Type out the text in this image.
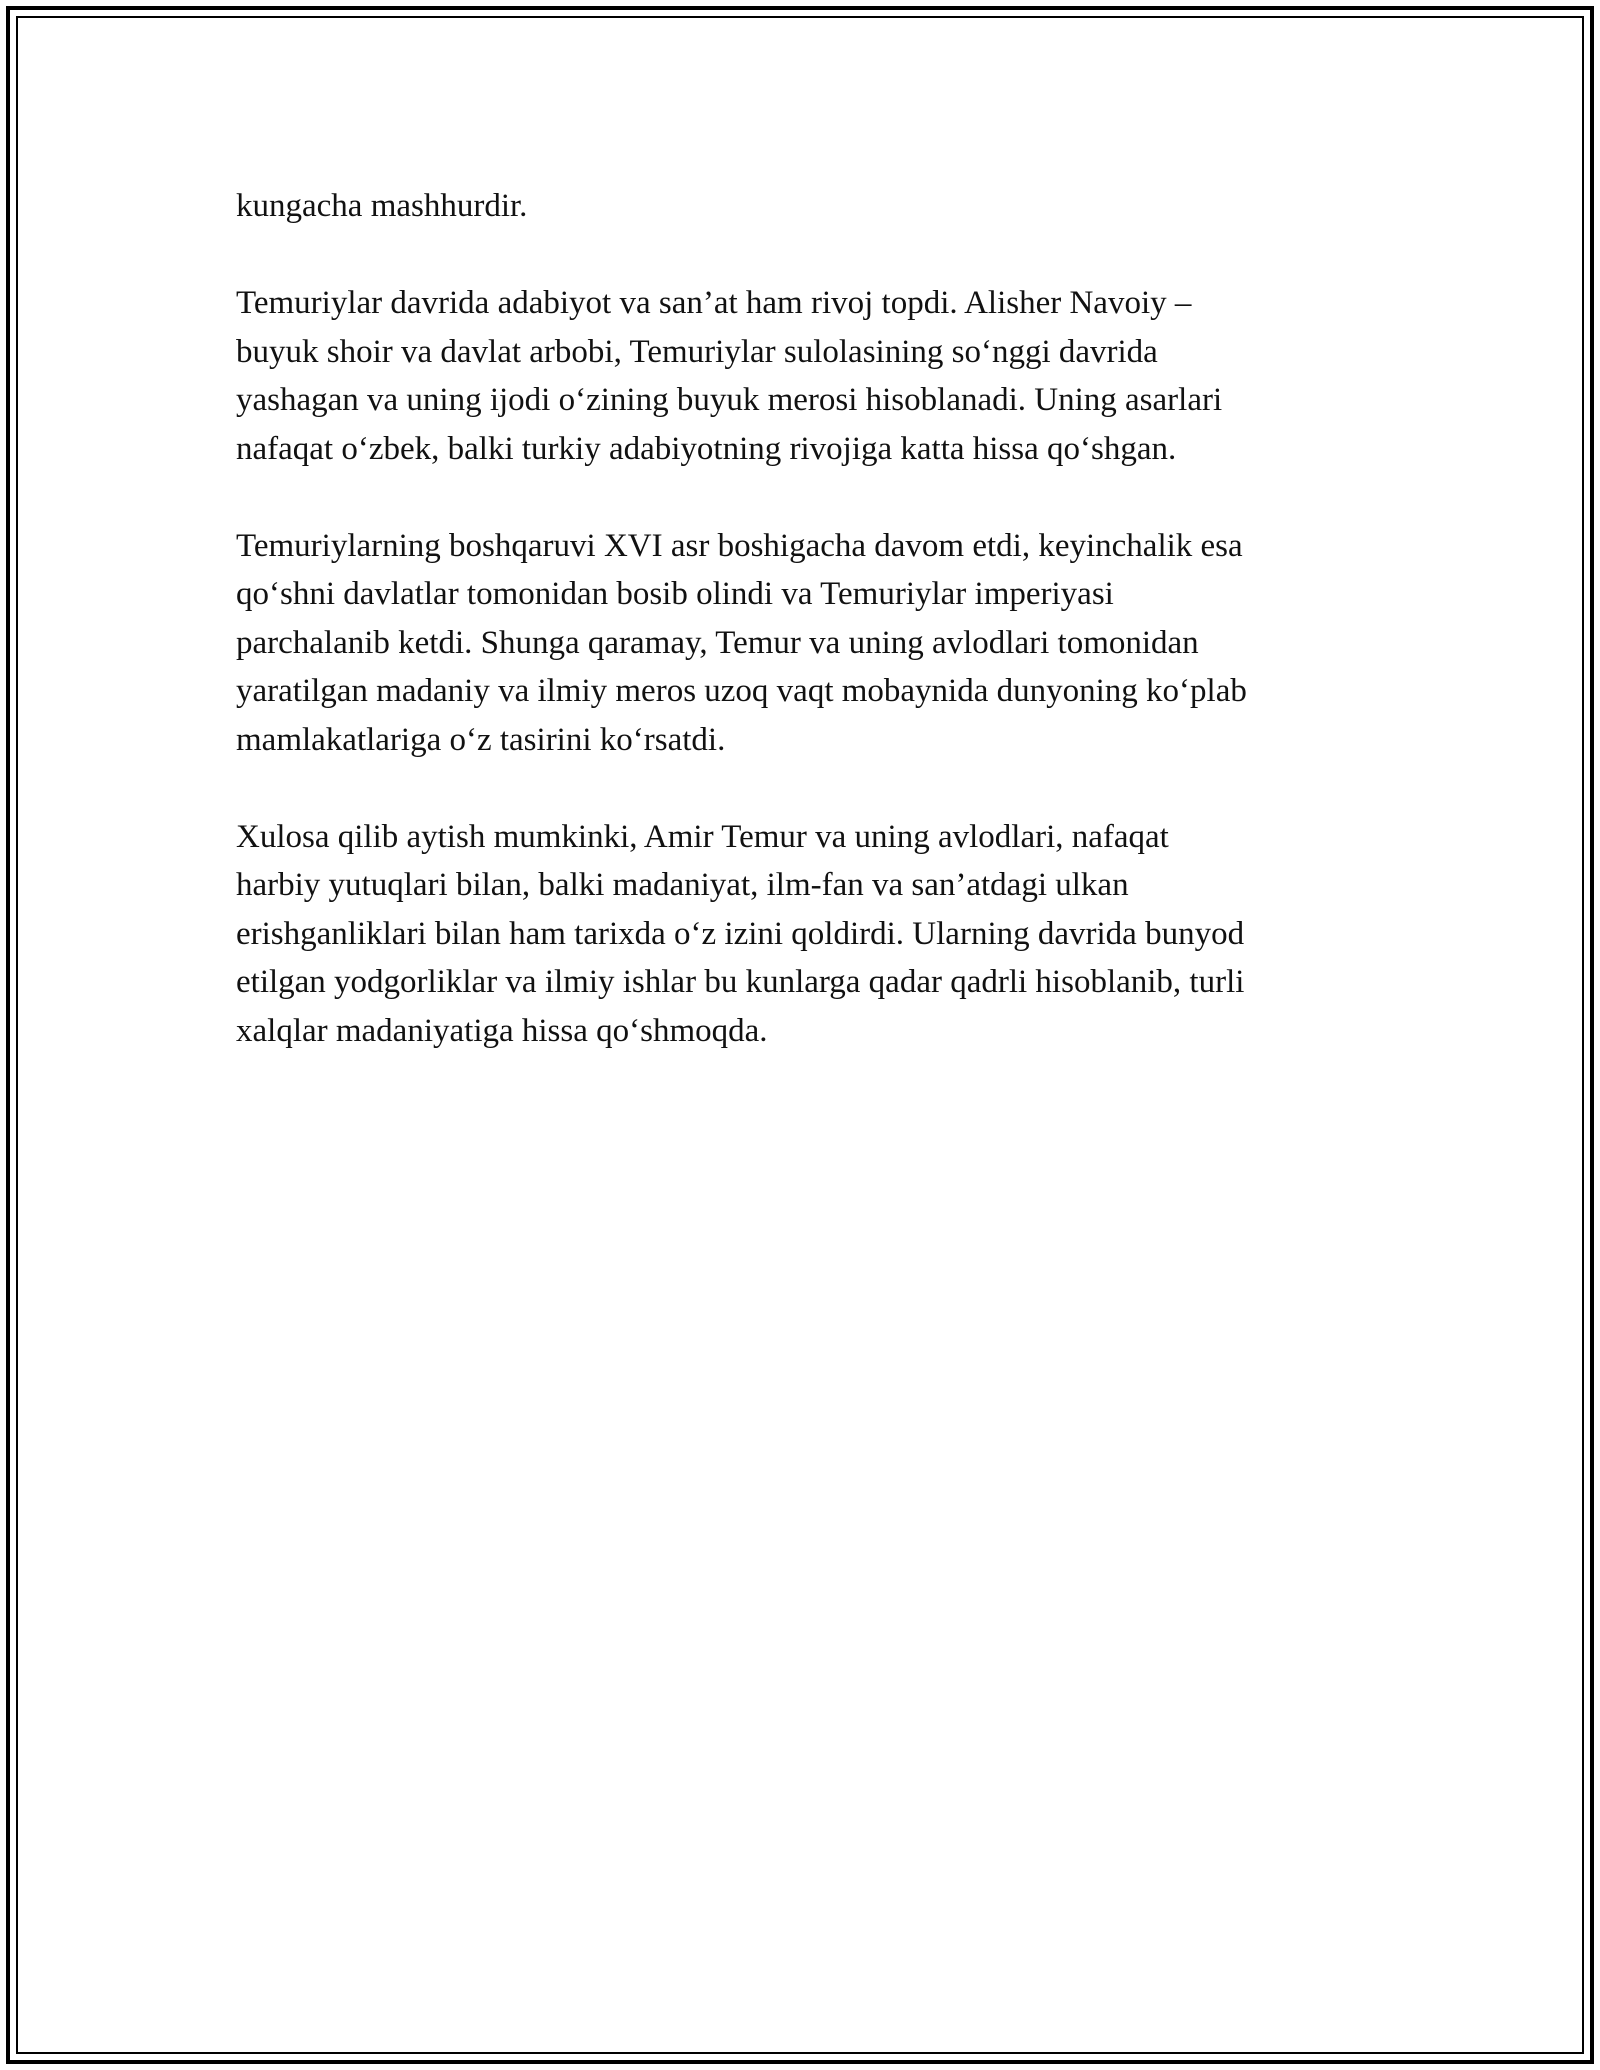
kungacha mashhurdir.

Temuriylar davrida adabiyot va san’at ham rivoj topdi. Alisher Navoiy –
buyuk shoir va davlat arbobi, Temuriylar sulolasining so‘nggi davrida
yashagan va uning ijodi o‘zining buyuk merosi hisoblanadi. Uning asarlari
nafaqat o‘zbek, balki turkiy adabiyotning rivojiga katta hissa qo‘shgan.

Temuriylarning boshqaruvi XVI asr boshigacha davom etdi, keyinchalik esa
qo‘shni davlatlar tomonidan bosib olindi va Temuriylar imperiyasi
parchalanib ketdi. Shunga qaramay, Temur va uning avlodlari tomonidan
yaratilgan madaniy va ilmiy meros uzoq vaqt mobaynida dunyoning ko‘plab
mamlakatlariga o‘z tasirini ko‘rsatdi.

Xulosa qilib aytish mumkinki, Amir Temur va uning avlodlari, nafaqat
harbiy yutuqlari bilan, balki madaniyat, ilm-fan va san’atdagi ulkan
erishganliklari bilan ham tarixda o‘z izini qoldirdi. Ularning davrida bunyod
etilgan yodgorliklar va ilmiy ishlar bu kunlarga qadar qadrli hisoblanib, turli
xalqlar madaniyatiga hissa qo‘shmoqda.
